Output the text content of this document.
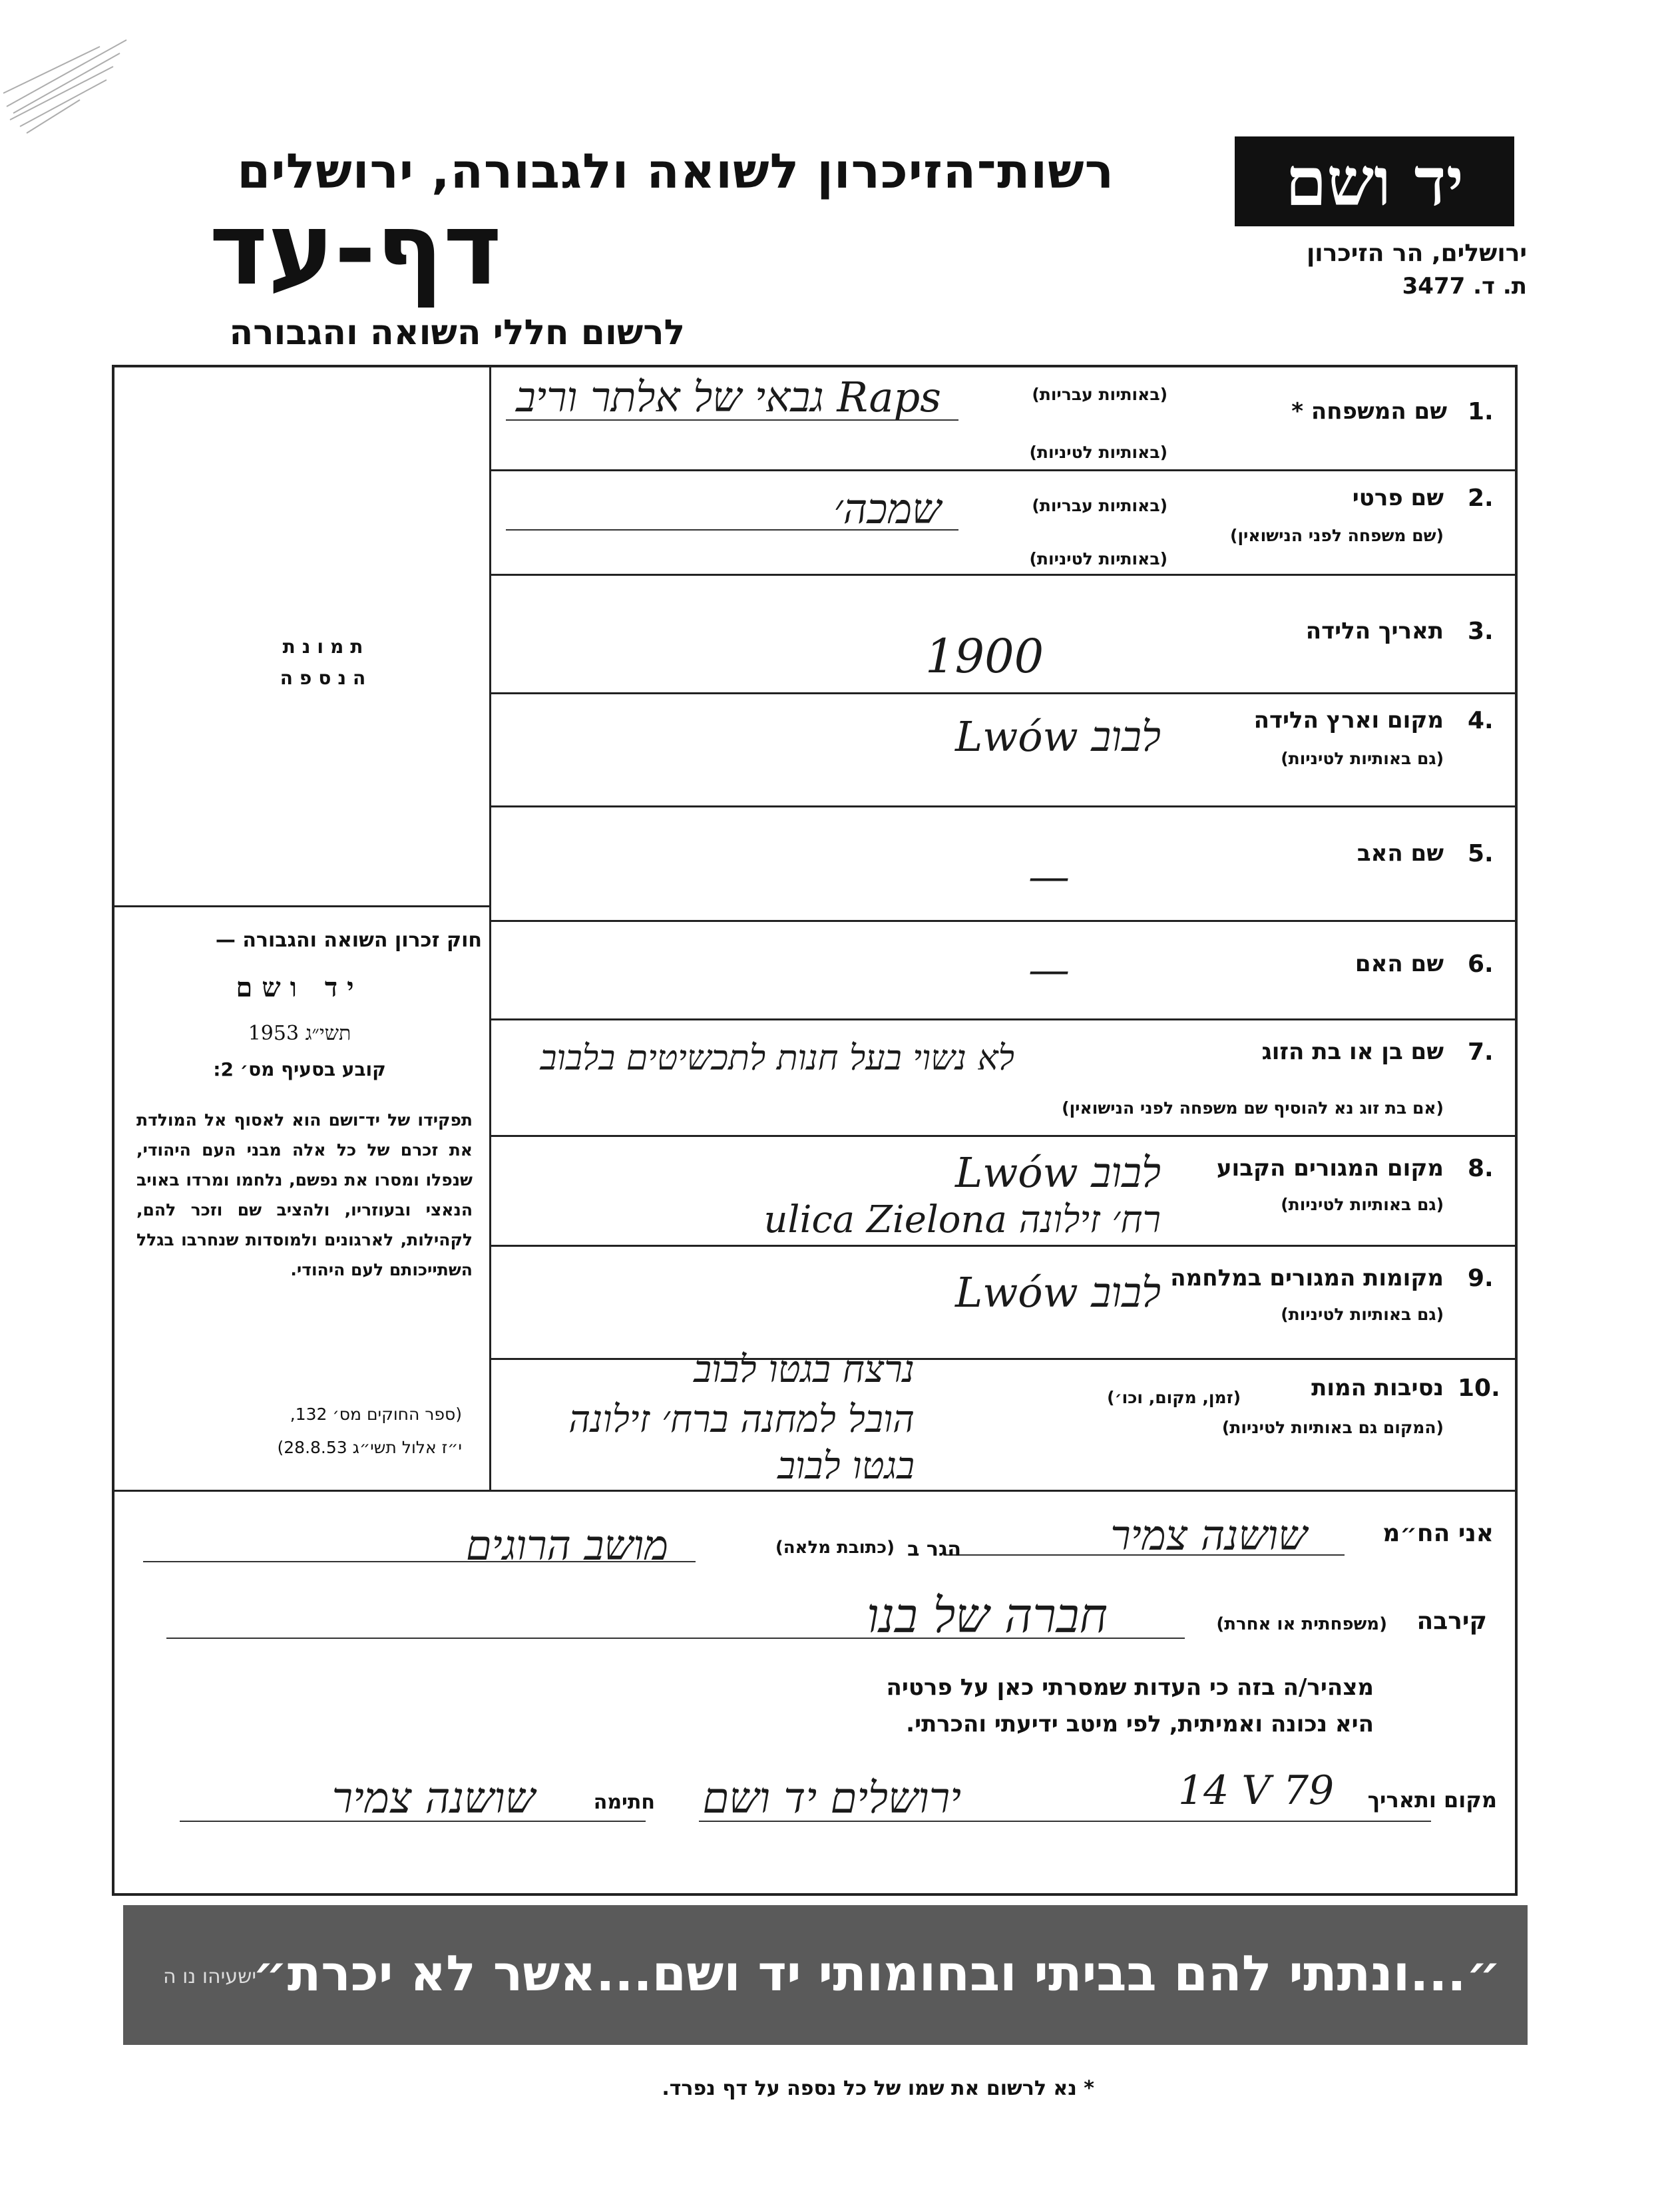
יד ושם
ירושלים, הר הזיכרון
ת. ד. 3477
רשות־הזיכרון לשואה ולגבורה, ירושלים
דף-עד
לרשום חללי השואה והגבורה
תמונת
הנספה
חוק זכרון השואה והגבורה —
יד ושם
תשי״ג 1953
קובע בסעיף מס׳ 2:
תפקידו של יד־ושם הוא לאסוף אל המולדת את זכרם של כל אלה מבני העם היהודי, שנפלו ומסרו את נפשם, נלחמו ומרדו באויב הנאצי ובעוזריו, ולהציב שם וזכר להם, לקהילות, לארגונים ולמוסדות שנחרבו בגלל השתייכותם לעם היהודי.
(ספר החוקים מס׳ 132,
י״ז אלול תשי״ג 28.8.53)
1.
שם המשפחה *
(באותיות עבריות)
(באותיות לטיניות)
Raps גבאי של אלתר וריב
2.
שם פרטי
(שם משפחה לפני הנישואין)
(באותיות עבריות)
(באותיות לטיניות)
שמכה׳
3.
תאריך הלידה
1900
4.
מקום וארץ הלידה
(גם באותיות לטיניות)
לבוב Lwów
5.
שם האב
—
6.
שם האם
—
7.
שם בן או בת הזוג
(אם בת זוג נא להוסיף שם משפחה לפני הנישואין)
לא נשוי בעל חנות לתכשיטים בלבוב
8.
מקום המגורים הקבוע
(גם באותיות לטיניות)
לבוב Lwów
רח׳ זילונה ulica Zielona
9.
מקומות המגורים במלחמה
(גם באותיות לטיניות)
לבוב Lwów
10.
נסיבות המות
(זמן, מקום, וכו׳)
(המקום גם באותיות לטיניות)
נרצח בגטו לבוב
הובל למחנה ברח׳ זילונה
בגטו לבוב
אני הח״מ
שושנה צמיר
הגר ב
(כתובת מלאה)
מושב הרוגים
קירבה
(משפחתית או אחרת)
חברה של בנו
מצהיר/ה בזה כי העדות שמסרתי כאן על פרטיה
היא נכונה ואמיתית, לפי מיטב ידיעתי והכרתי.
מקום ותאריך
14 V 79
ירושלים יד ושם
חתימה
שושנה צמיר
״...ונתתי להם בביתי ובחומותי יד ושם...אשר לא יכרת״
ישעיהו נו ה
* נא לרשום את שמו של כל נספה על דף נפרד.
